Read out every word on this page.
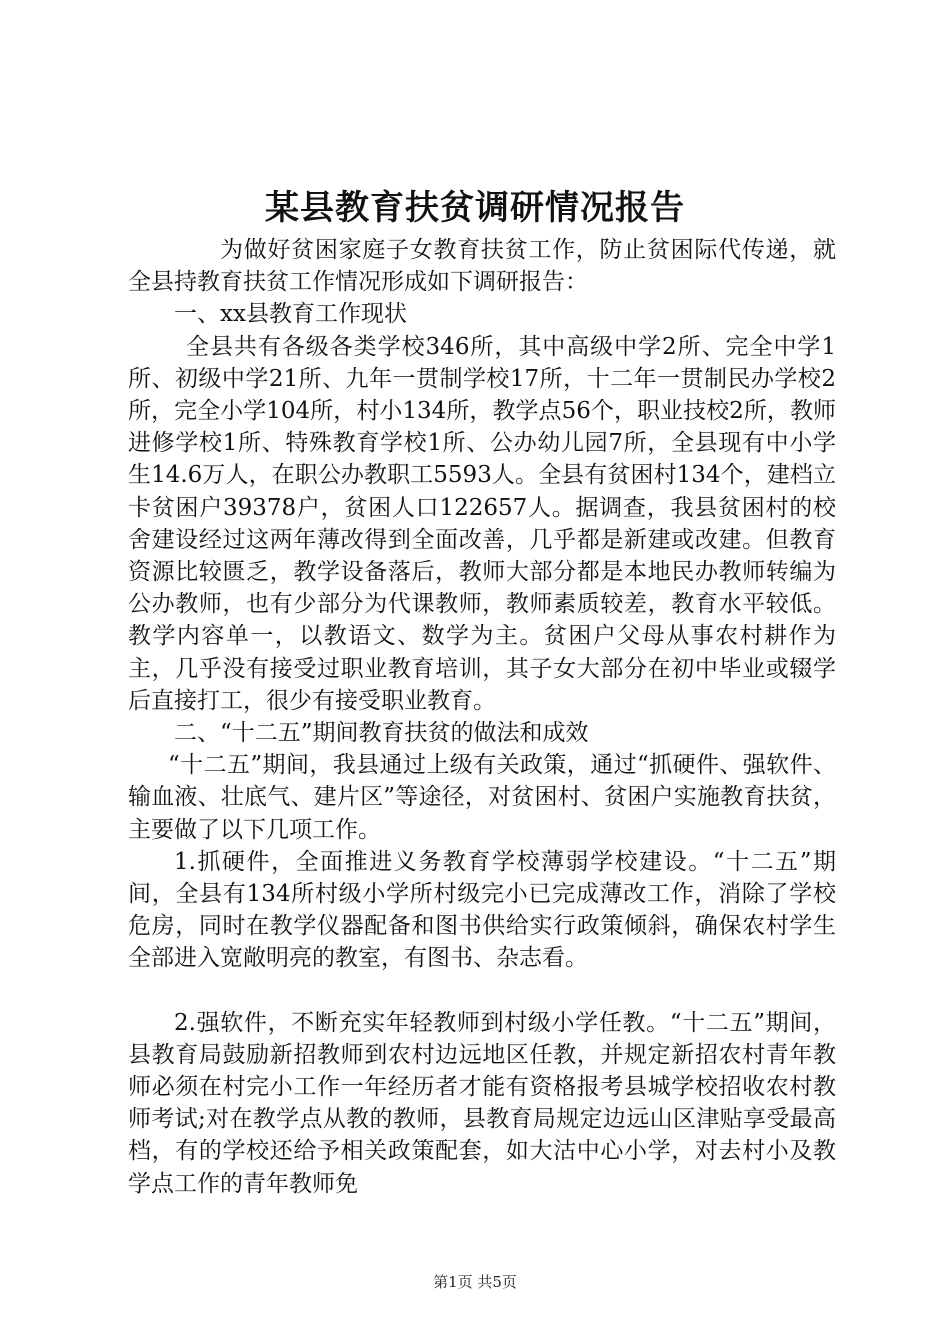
某县教育扶贫调研情况报告

为做好贫困家庭子女教育扶贫工作，防止贫困际代传递，就全县持教育扶贫工作情况形成如下调研报告：

一、xx县教育工作现状

全县共有各级各类学校346所，其中高级中学2所、完全中学1所、初级中学21所、九年一贯制学校17所，十二年一贯制民办学校2所，完全小学104所，村小134所，教学点56个，职业技校2所，教师进修学校1所、特殊教育学校1所、公办幼儿园7所，全县现有中小学生14.6万人，在职公办教职工5593人。全县有贫困村134个，建档立卡贫困户39378户，贫困人口122657人。据调查，我县贫困村的校舍建设经过这两年薄改得到全面改善，几乎都是新建或改建。但教育资源比较匮乏，教学设备落后，教师大部分都是本地民办教师转编为公办教师，也有少部分为代课教师，教师素质较差，教育水平较低。教学内容单一，以教语文、数学为主。贫困户父母从事农村耕作为主，几乎没有接受过职业教育培训，其子女大部分在初中毕业或辍学后直接打工，很少有接受职业教育。

二、“十二五”期间教育扶贫的做法和成效

“十二五”期间，我县通过上级有关政策，通过“抓硬件、强软件、输血液、壮底气、建片区”等途径，对贫困村、贫困户实施教育扶贫，主要做了以下几项工作。

1.抓硬件，全面推进义务教育学校薄弱学校建设。“十二五”期间，全县有134所村级小学所村级完小已完成薄改工作，消除了学校危房，同时在教学仪器配备和图书供给实行政策倾斜，确保农村学生全部进入宽敞明亮的教室，有图书、杂志看。

2.强软件，不断充实年轻教师到村级小学任教。“十二五”期间，县教育局鼓励新招教师到农村边远地区任教，并规定新招农村青年教师必须在村完小工作一年经历者才能有资格报考县城学校招收农村教师考试;对在教学点从教的教师，县教育局规定边远山区津贴享受最高档，有的学校还给予相关政策配套，如大沽中心小学，对去村小及教学点工作的青年教师免

第1页 共5页
